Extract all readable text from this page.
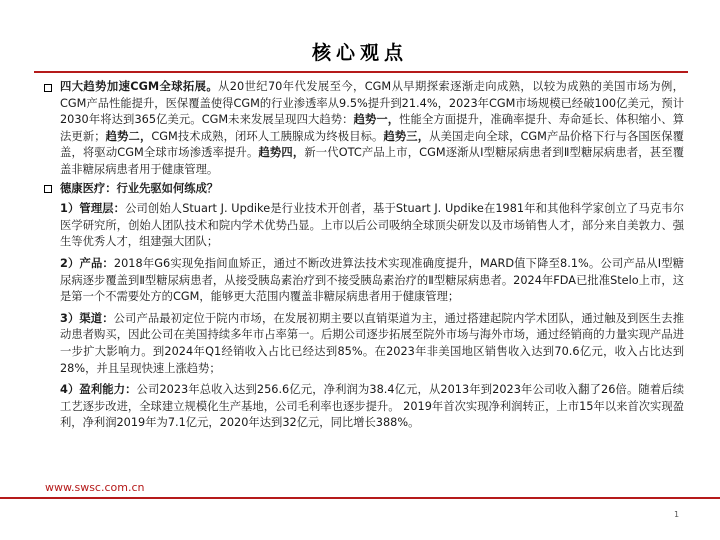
核心观点
四大趋势加速CGM全球拓展。从20世纪70年代发展至今，CGM从早期探索逐渐走向成熟，以较为成熟的美国市场为例，CGM产品性能提升，医保覆盖使得CGM的行业渗透率从9.5%提升到21.4%，2023年CGM市场规模已经破100亿美元，预计2030年将达到365亿美元。CGM未来发展呈现四大趋势：趋势一，性能全方面提升，准确率提升、寿命延长、体积缩小、算法更新；趋势二，CGM技术成熟，闭环人工胰腺成为终极目标。趋势三，从美国走向全球，CGM产品价格下行与各国医保覆盖，将驱动CGM全球市场渗透率提升。趋势四，新一代OTC产品上市，CGM逐渐从Ⅰ型糖尿病患者到Ⅱ型糖尿病患者，甚至覆盖非糖尿病患者用于健康管理。
德康医疗：行业先驱如何练成？
1）管理层：公司创始人Stuart J. Updike是行业技术开创者，基于Stuart J. Updike在1981年和其他科学家创立了马克韦尔医学研究所，创始人团队技术和院内学术优势凸显。上市以后公司吸纳全球顶尖研发以及市场销售人才，部分来自美敦力、强生等优秀人才，组建强大团队；
2）产品：2018年G6实现免指间血矫正，通过不断改进算法技术实现准确度提升，MARD值下降至8.1%。公司产品从Ⅰ型糖尿病逐步覆盖到Ⅱ型糖尿病患者，从接受胰岛素治疗到不接受胰岛素治疗的Ⅱ型糖尿病患者。2024年FDA已批准Stelo上市，这是第一个不需要处方的CGM，能够更大范围内覆盖非糖尿病患者用于健康管理；
3）渠道：公司产品最初定位于院内市场，在发展初期主要以直销渠道为主，通过搭建起院内学术团队，通过触及到医生去推动患者购买，因此公司在美国持续多年市占率第一。后期公司逐步拓展至院外市场与海外市场，通过经销商的力量实现产品进一步扩大影响力。到2024年Q1经销收入占比已经达到85%。在2023年非美国地区销售收入达到70.6亿元，收入占比达到28%，并且呈现快速上涨趋势；
4）盈利能力：公司2023年总收入达到256.6亿元，净利润为38.4亿元，从2013年到2023年公司收入翻了26倍。随着后续工艺逐步改进，全球建立规模化生产基地，公司毛利率也逐步提升。 2019年首次实现净利润转正，上市15年以来首次实现盈利，净利润2019年为7.1亿元，2020年达到32亿元，同比增长388%。
www.swsc.com.cn
1
